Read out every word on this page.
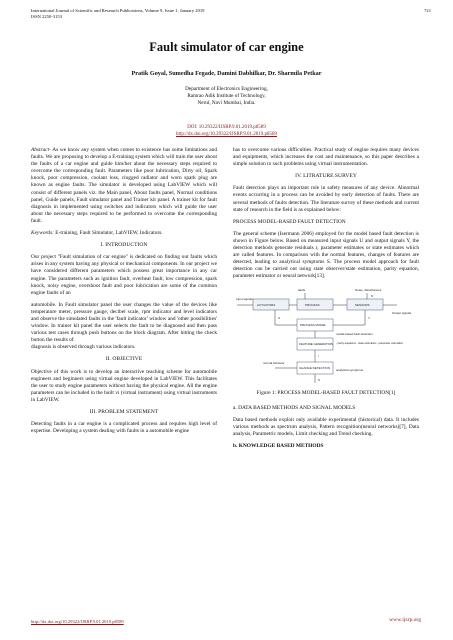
International Journal of Scientific and Research Publications, Volume 9, Issue 1, January 2019
ISSN 2250-3153
721
Fault simulator of car engine
Pratik Goyal, Sumedha Fegade, Damini Dabhilkar, Dr. Sharmila Petkar
Department of Electronics Engineering,
Ramrao Adik Institute of Technology,
Nerul, Navi Mumbai, India.
DOI: 10.29322/IJSRP.9.01.2019.p8589
http://dx.doi.org/10.29322/IJSRP.9.01.2019.p8589

Abstract- As we know any system when comes to existence has some limitations and faults. We are proposing to develop a E-training system which will train the user about the faults of a car engine and guide him/her about the necessary steps required to overcome the corresponding fault. Parameters like poor lubrication, Dirty oil, Spark knock, poor compression, coolant loss, clogged radiator and worn spark plug are known as engine faults. The simulator is developed using LabVIEW which will consist of different panels viz. the Main panel, About faults panel, Normal conditions panel, Guide panels, Fault simulator panel and Trainer kit panel. A trainer kit for fault diagnosis in implemented using switches and indicators which will guide the user about the necessary steps required to be performed to overcome the corresponding fault.

Keywords: E-training, Fault Simulator, LabVIEW, Indicators.

I. INTRODUCTION

Our project "Fault simulation of car engine" is dedicated on finding out faults which arises in any system having any physical or mechanical components. In our project we have considered different parameters which possess great importance in any car engine. The parameters such as ignition fault, overheat fault, low compression, spark knock, noisy engine, overshoot fault and poor lubrication are some of the common engine faults of an

automobile. In Fault simulator panel the user changes the value of the devices like temperature meter, pressure gauge, decibel scale, rpm indicator and level indicators and observe the simulated faults in the 'fault indicator' window and 'other possibilities' window. In trainer kit panel the user selects the fault to be diagnosed and then pass various test cases through push buttons on the block diagram. After hitting the check button the results of

diagnosis is observed through various indicators.

II. OBJECTIVE

Objective of this work is to develop an interactive teaching scheme for automobile engineers and beginners using virtual engine developed in LabVIEW. This facilitates the user to study engine parameters without having the physical engine. All the engine parameters can be included in the built vi (virtual instrument) using virtual instruments in LabVIEW.

III. PROBLEM STATEMENT

Detecting faults in a car engine is a complicated process and requires high level of expertise. Developing a system dealing with faults in a automobile engine

has to overcome various difficulties. Practical study of engine requires many devices and equipments, which increases the cost and maintenance, so this paper describes a simple solution to such problems using virtual instrumentation.

IV. LITRATURE SURVEY

Fault detection plays an important role in safety measures of any device. Abnormal events occurring in a process can be avoided by early detection of faults. There are several methods of faults detection. The literature survey of these methods and current state of research in the field is as explained below:

PROCESS MODEL-BASED FAULT DETECTION

The general scheme (Isermann 2006) employed for the model based fault detection is shown in Figure below. Based on measured input signals U and output signals Y, the detection methods generate residuals r, parameter estimates or state estimates which are called features. In comparison with the normal features, changes of features are detected, leading to analytical symptoms S. The process model approach for fault detection can be carried out using state observer/state estimation, parity equation, parameter estimator or neural network[13].

faults	Noise, disturbances
Input signals
ACTUATORS	PROCESS	SENSORS
Output signals
PROCESS MODEL
FEATURE GENERATION
CHANGE DETECTION
model-based fault detection
- parity equations - state estimation - parameter estimation
normal behavior
analytical symptoms
N
U	Y
r
S
Figure 1: PROCESS MODEL-BASED FAULT DETECTION[1]
a. DATA BASED METHODS AND SIGNAL MODELS

Data based methods exploit only available experimental (historical) data. It includes various methods as spectrum analysis, Pattern recognition(neural networks)[7], Data analysis, Parametric models, Limit checking and Trend checking.

b. KNOWLEDGE BASED METHODS
http://dx.doi.org/10.29322/IJSRP.9.01.2019.p8589	www.ijsrp.org
